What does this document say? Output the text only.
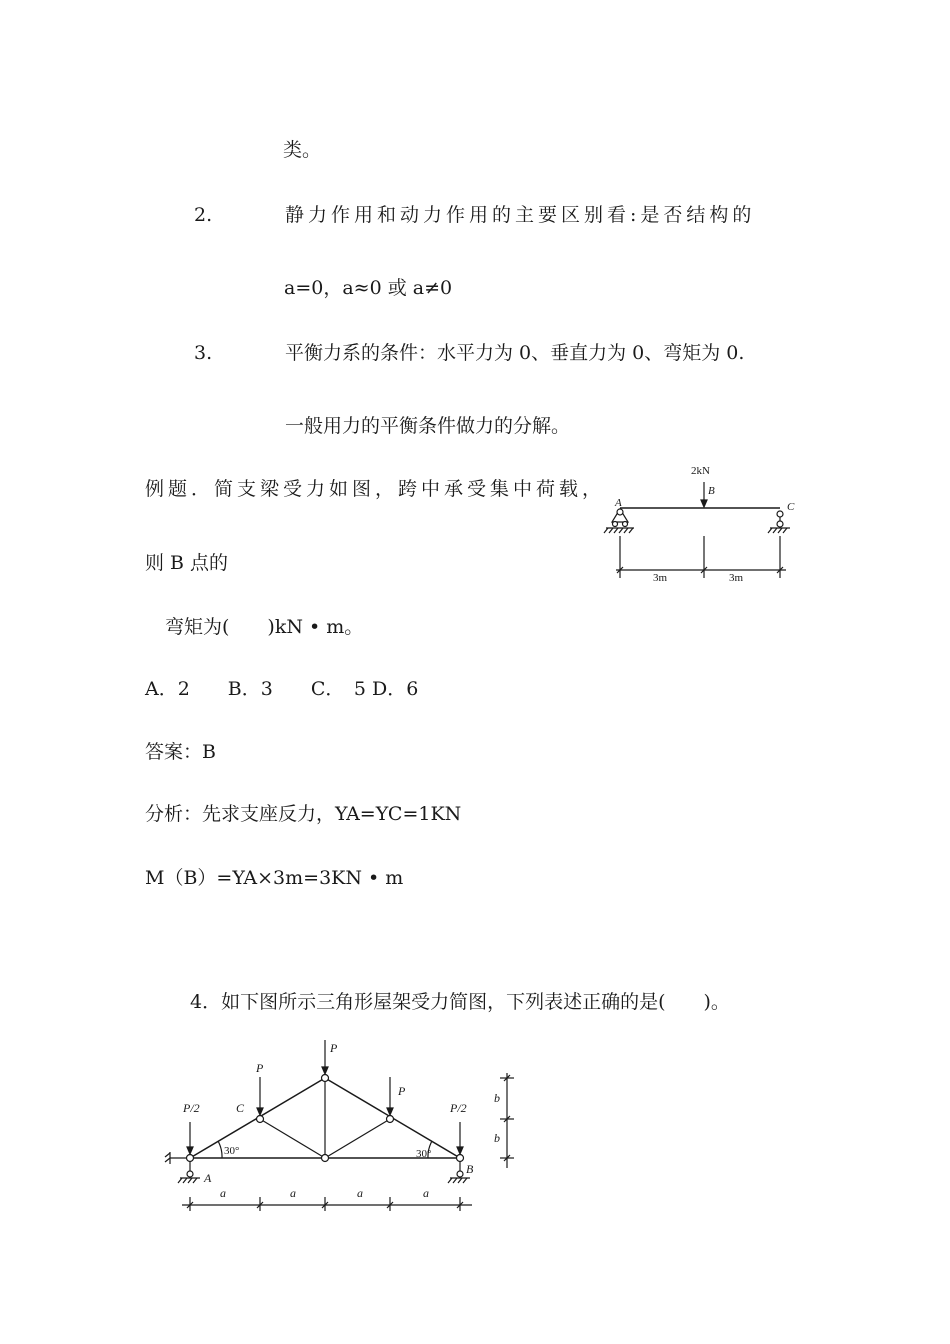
类。
2.	静力作用和动力作用的主要区别看:是否结构的
a=0，a≈0 或 a≠0
3.	平衡力系的条件：水平力为 0、垂直力为 0、弯矩为 0.
一般用力的平衡条件做力的分解。
例题．简支梁受力如图，跨中承受集中荷载，
则 B 点的
弯矩为(　　)kN • m。
A．2　　B．3　　C．　5 D．6
答案：B
分析：先求支座反力，YA=YC=1KN
M（B）=YA×3m=3KN • m
4．如下图所示三角形屋架受力简图，下列表述正确的是(　　)。
2kN
B
A	C
3m	3m
P
P
P
P/2	P/2
C
A
B
30°	30°
a	a	a	a
b
b
